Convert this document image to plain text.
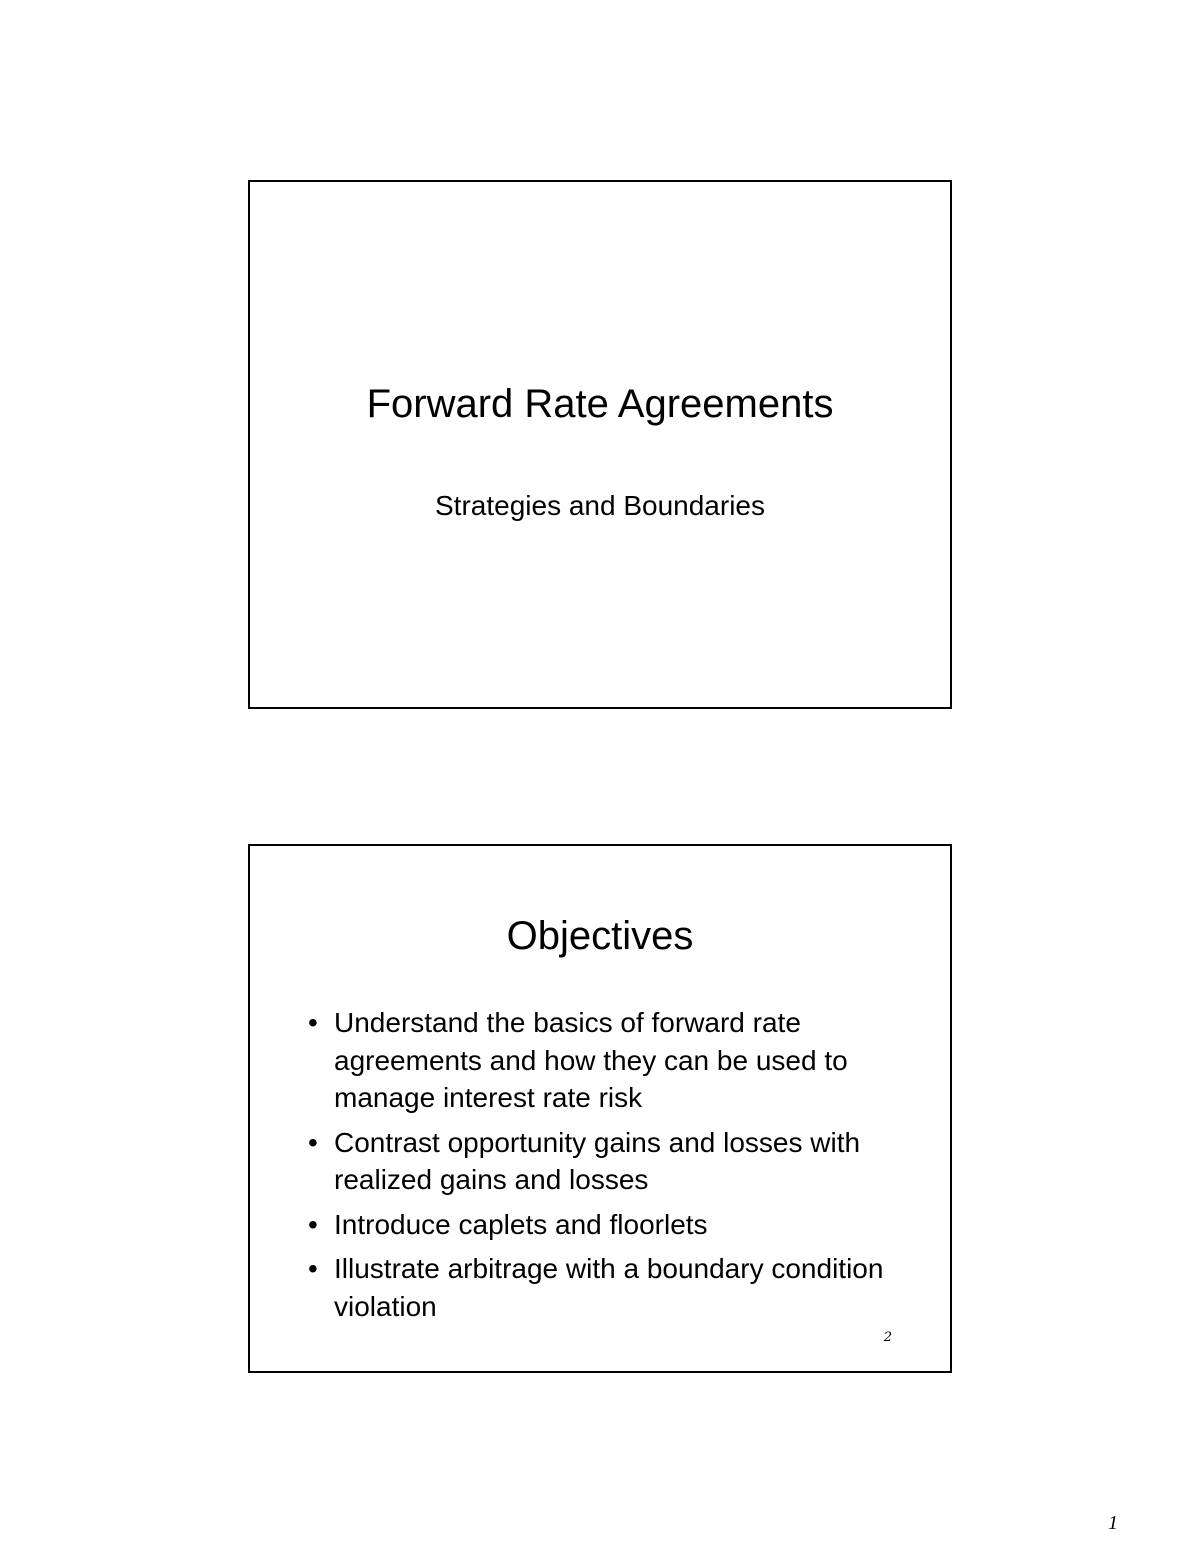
Forward Rate Agreements
Strategies and Boundaries
Objectives
• Understand the basics of forward rate agreements and how they can be used to manage interest rate risk
• Contrast opportunity gains and losses with realized gains and losses
• Introduce caplets and floorlets
• Illustrate arbitrage with a boundary condition violation
2
1
